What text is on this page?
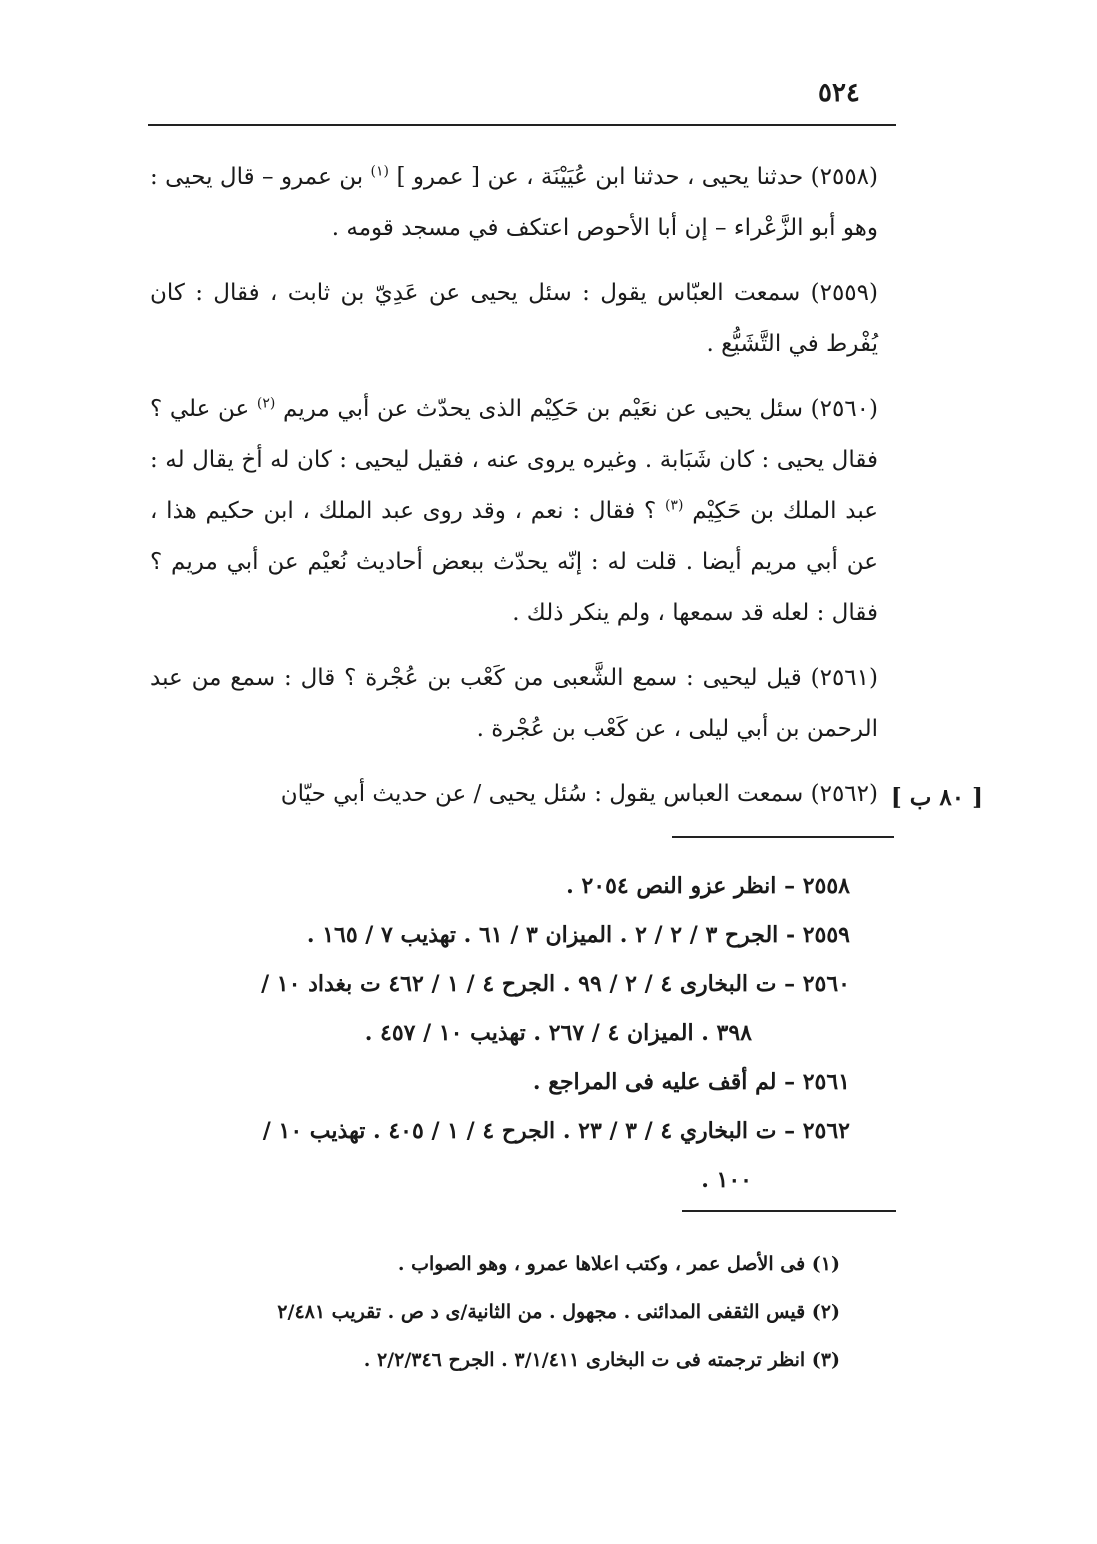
٥٢٤

(٢٥٥٨) حدثنا يحيى ، حدثنا ابن عُيَيْنَة ، عن [ عمرو ] $^{(١)}$ بن عمرو – قال يحيى : وهو أبو الزَّعْراء – إن أبا الأحوص اعتكف في مسجد قومه .

(٢٥٥٩) سمعت العبّاس يقول : سئل يحيى عن عَدِيّ بن ثابت ، فقال : كان يُفْرط في التَّشَيُّع .

(٢٥٦٠) سئل يحيى عن نعَيْم بن حَكِيْم الذى يحدّث عن أبي مريم $^{(٢)}$ عن علي ؟ فقال يحيى : كان شَبَابة . وغيره يروى عنه ، فقيل ليحيى : كان له أخ يقال له : عبد الملك بن حَكِيْم $^{(٣)}$ ؟ فقال : نعم ، وقد روى عبد الملك ، ابن حكيم هذا ، عن أبي مريم أيضا . قلت له : إنّه يحدّث ببعض أحاديث نُعيْم عن أبي مريم ؟ فقال : لعله قد سمعها ، ولم ينكر ذلك .

(٢٥٦١) قيل ليحيى : سمع الشَّعبى من كَعْب بن عُجْرة ؟ قال : سمع من عبد الرحمن بن أبي ليلى ، عن كَعْب بن عُجْرة .

(٢٥٦٢) سمعت العباس يقول : سُئل يحيى / عن حديث أبي حيّان [ ٨٠ ب ]
٢٥٥٨ – انظر عزو النص ٢٠٥٤ .
٢٥٥٩ - الجرح ٣ / ٢ / ٢ . الميزان ٣ / ٦١ . تهذيب ٧ / ١٦٥ .
٢٥٦٠ – ت البخارى ٤ / ٢ / ٩٩ . الجرح ٤ / ١ / ٤٦٢ ت بغداد ١٠ /
٣٩٨ . الميزان ٤ / ٢٦٧ . تهذيب ١٠ / ٤٥٧ .
٢٥٦١ – لم أقف عليه فى المراجع .
٢٥٦٢ – ت البخاري ٤ / ٣ / ٢٣ . الجرح ٤ / ١ / ٤٠٥ . تهذيب ١٠ /
١٠٠ .
(١) فى الأصل عمر ، وكتب اعلاها عمرو ، وهو الصواب .
(٢) قيس الثقفى المدائنى . مجهول . من الثانية/ى د ص . تقريب ٢/٤٨١
(٣) انظر ترجمته فى ت البخارى ٣/١/٤١١ . الجرح ٢/٢/٣٤٦ .
